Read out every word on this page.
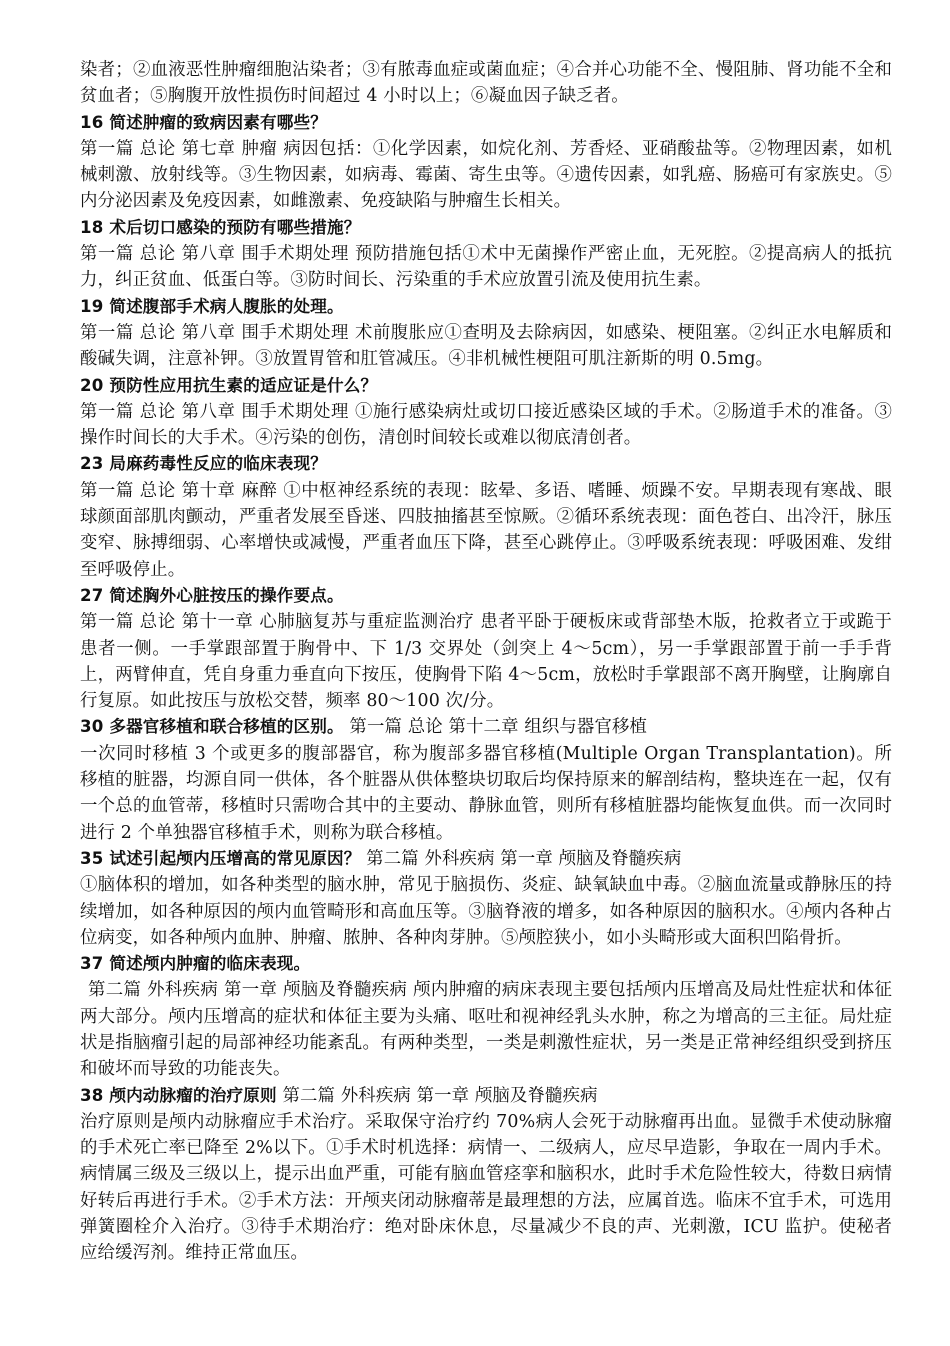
染者；②血液恶性肿瘤细胞沾染者；③有脓毒血症或菌血症；④合并心功能不全、慢阻肺、肾功能不全和贫血者；⑤胸腹开放性损伤时间超过 4 小时以上；⑥凝血因子缺乏者。

16 简述肿瘤的致病因素有哪些？

第一篇 总论 第七章 肿瘤 病因包括：①化学因素，如烷化剂、芳香烃、亚硝酸盐等。②物理因素，如机械刺激、放射线等。③生物因素，如病毒、霉菌、寄生虫等。④遗传因素，如乳癌、肠癌可有家族史。⑤内分泌因素及免疫因素，如雌激素、免疫缺陷与肿瘤生长相关。

18 术后切口感染的预防有哪些措施？

第一篇 总论 第八章 围手术期处理 预防措施包括①术中无菌操作严密止血，无死腔。②提高病人的抵抗力，纠正贫血、低蛋白等。③防时间长、污染重的手术应放置引流及使用抗生素。

19 简述腹部手术病人腹胀的处理。

第一篇 总论 第八章 围手术期处理 术前腹胀应①查明及去除病因，如感染、梗阻塞。②纠正水电解质和酸碱失调，注意补钾。③放置胃管和肛管减压。④非机械性梗阻可肌注新斯的明 0.5mg。

20 预防性应用抗生素的适应证是什么？

第一篇 总论 第八章 围手术期处理 ①施行感染病灶或切口接近感染区域的手术。②肠道手术的准备。③操作时间长的大手术。④污染的创伤，清创时间较长或难以彻底清创者。

23 局麻药毒性反应的临床表现？

第一篇 总论 第十章 麻醉 ①中枢神经系统的表现：眩晕、多语、嗜睡、烦躁不安。早期表现有寒战、眼球颜面部肌肉颤动，严重者发展至昏迷、四肢抽搐甚至惊厥。②循环系统表现：面色苍白、出冷汗，脉压变窄、脉搏细弱、心率增快或减慢，严重者血压下降，甚至心跳停止。③呼吸系统表现：呼吸困难、发绀至呼吸停止。

27 简述胸外心脏按压的操作要点。

第一篇 总论 第十一章 心肺脑复苏与重症监测治疗 患者平卧于硬板床或背部垫木版，抢救者立于或跪于患者一侧。一手掌跟部置于胸骨中、下 1/3 交界处（剑突上 4～5cm），另一手掌跟部置于前一手手背上，两臂伸直，凭自身重力垂直向下按压，使胸骨下陷 4～5cm，放松时手掌跟部不离开胸壁，让胸廓自行复原。如此按压与放松交替，频率 80～100 次/分。

30 多器官移植和联合移植的区别。 第一篇 总论 第十二章 组织与器官移植

一次同时移植 3 个或更多的腹部器官，称为腹部多器官移植(Multiple Organ Transplantation)。所移植的脏器，均源自同一供体，各个脏器从供体整块切取后均保持原来的解剖结构，整块连在一起，仅有一个总的血管蒂，移植时只需吻合其中的主要动、静脉血管，则所有移植脏器均能恢复血供。而一次同时进行 2 个单独器官移植手术，则称为联合移植。

35 试述引起颅内压增高的常见原因？ 第二篇 外科疾病 第一章 颅脑及脊髓疾病

①脑体积的增加，如各种类型的脑水肿，常见于脑损伤、炎症、缺氧缺血中毒。②脑血流量或静脉压的持续增加，如各种原因的颅内血管畸形和高血压等。③脑脊液的增多，如各种原因的脑积水。④颅内各种占位病变，如各种颅内血肿、肿瘤、脓肿、各种肉芽肿。⑤颅腔狭小，如小头畸形或大面积凹陷骨折。

37 简述颅内肿瘤的临床表现。

第二篇 外科疾病 第一章 颅脑及脊髓疾病 颅内肿瘤的病床表现主要包括颅内压增高及局灶性症状和体征两大部分。颅内压增高的症状和体征主要为头痛、呕吐和视神经乳头水肿，称之为增高的三主征。局灶症状是指脑瘤引起的局部神经功能紊乱。有两种类型，一类是刺激性症状，另一类是正常神经组织受到挤压和破坏而导致的功能丧失。

38 颅内动脉瘤的治疗原则 第二篇 外科疾病 第一章 颅脑及脊髓疾病

治疗原则是颅内动脉瘤应手术治疗。采取保守治疗约 70%病人会死于动脉瘤再出血。显微手术使动脉瘤的手术死亡率已降至 2%以下。①手术时机选择：病情一、二级病人，应尽早造影，争取在一周内手术。病情属三级及三级以上，提示出血严重，可能有脑血管痉挛和脑积水，此时手术危险性较大，待数日病情好转后再进行手术。②手术方法：开颅夹闭动脉瘤蒂是最理想的方法，应属首选。临床不宜手术，可选用弹簧圈栓介入治疗。③待手术期治疗：绝对卧床休息，尽量减少不良的声、光刺激，ICU 监护。使秘者应给缓泻剂。维持正常血压。
